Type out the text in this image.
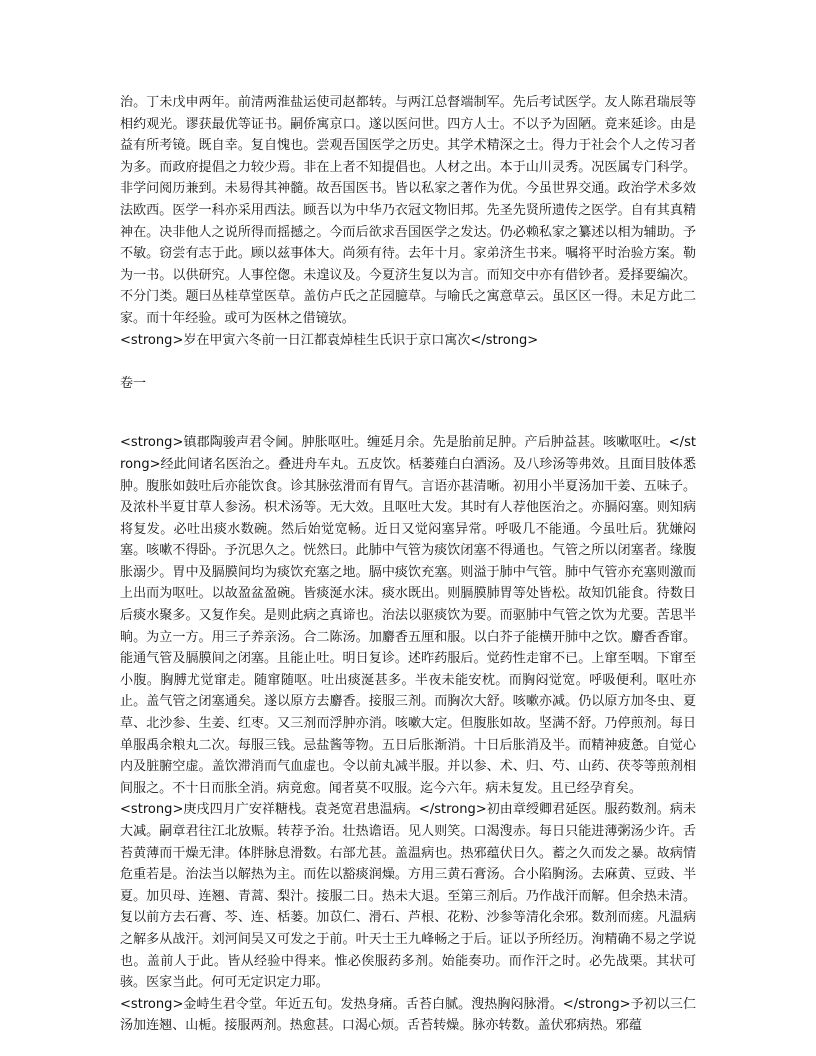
治。丁未戊申两年。前清两淮盐运使司赵都转。与两江总督端制军。先后考试医学。友人陈君瑞辰等相约观光。谬获最优等证书。嗣侨寓京口。遂以医问世。四方人士。不以予为固陋。竟来延诊。由是益有所考镜。既自幸。复自愧也。尝观吾国医学之历史。其学术精深之士。得力于社会个人之传习者为多。而政府提倡之力较少焉。非在上者不知提倡也。人材之出。本于山川灵秀。况医属专门科学。非学问阅历兼到。未易得其神髓。故吾国医书。皆以私家之著作为优。今虽世界交通。政治学术多效法欧西。医学一科亦采用西法。顾吾以为中华乃衣冠文物旧邦。先圣先贤所遗传之医学。自有其真精神在。决非他人之说所得而摇撼之。今而后欲求吾国医学之发达。仍必赖私家之纂述以相为辅助。予不敏。窃尝有志于此。顾以兹事体大。尚须有待。去年十月。家弟济生书来。嘱将平时治验方案。勒为一书。以供研究。人事倥偬。未遑议及。今夏济生复以为言。而知交中亦有借钞者。爰择要编次。不分门类。题曰丛桂草堂医草。盖仿卢氏之芷园臆草。与喻氏之寓意草云。虽区区一得。未足方此二家。而十年经验。或可为医林之借镜欤。

<strong>岁在甲寅六冬前一日江都袁焯桂生氏识于京口寓次</strong>

卷一

<strong>镇郡陶骏声君令阃。肿胀呕吐。缠延月余。先是胎前足肿。产后肿益甚。咳嗽呕吐。</strong>经此间诸名医治之。叠进舟车丸。五皮饮。栝蒌薤白白酒汤。及八珍汤等弗效。且面目肢体悉肿。腹胀如鼓吐后亦能饮食。诊其脉弦滑而有胃气。言语亦甚清晰。初用小半夏汤加干姜、五味子。及浓朴半夏甘草人参汤。枳术汤等。无大效。且呕吐大发。其时有人荐他医治之。亦膈闷塞。则知病将复发。必吐出痰水数碗。然后始觉宽畅。近日又觉闷塞异常。呼吸几不能通。今虽吐后。犹嫌闷塞。咳嗽不得卧。予沉思久之。恍然曰。此肺中气管为痰饮闭塞不得通也。气管之所以闭塞者。缘腹胀溺少。胃中及膈膜间均为痰饮充塞之地。膈中痰饮充塞。则溢于肺中气管。肺中气管亦充塞则激而上出而为呕吐。以故盈盆盈碗。皆痰涎水沫。痰水既出。则膈膜肺胃等处皆松。故知饥能食。待数日后痰水聚多。又复作矣。是则此病之真谛也。治法以驱痰饮为要。而驱肺中气管之饮为尤要。苦思半晌。为立一方。用三子养亲汤。合二陈汤。加麝香五厘和服。以白芥子能横开肺中之饮。麝香香窜。能通气管及膈膜间之闭塞。且能止吐。明日复诊。述昨药服后。觉药性走窜不已。上窜至咽。下窜至小腹。胸膊尤觉窜走。随窜随呕。吐出痰涎甚多。半夜未能安枕。而胸闷觉宽。呼吸便利。呕吐亦止。盖气管之闭塞通矣。遂以原方去麝香。接服三剂。而胸次大舒。咳嗽亦减。仍以原方加冬虫、夏草、北沙参、生姜、红枣。又三剂而浮肿亦消。咳嗽大定。但腹胀如故。坚满不舒。乃停煎剂。每日单服禹余粮丸二次。每服三钱。忌盐酱等物。五日后胀渐消。十日后胀消及半。而精神疲惫。自觉心内及脏腑空虚。盖饮滞消而气血虚也。令以前丸减半服。并以参、术、归、芍、山药、茯苓等煎剂相间服之。不十日而胀全消。病竟愈。闻者莫不叹服。迄今六年。病未复发。且已经孕育矣。

<strong>庚戌四月广安祥糖栈。袁尧宽君患温病。</strong>初由章绶卿君延医。服药数剂。病未大减。嗣章君往江北放赈。转荐予治。壮热谵语。见人则笑。口渴溲赤。每日只能进薄粥汤少许。舌苔黄薄而干燥无津。体胖脉息滑数。右部尤甚。盖温病也。热邪蕴伏日久。蓄之久而发之暴。故病情危重若是。治法当以解热为主。而佐以豁痰润燥。方用三黄石膏汤。合小陷胸汤。去麻黄、豆豉、半夏。加贝母、连翘、青蒿、梨汁。接服二日。热未大退。至第三剂后。乃作战汗而解。但余热未清。复以前方去石膏、芩、连、栝蒌。加苡仁、滑石、芦根、花粉、沙参等清化余邪。数剂而瘥。凡温病之解多从战汗。刘河间吴又可发之于前。叶天士王九峰畅之于后。证以予所经历。洵精确不易之学说也。盖前人于此。皆从经验中得来。惟必俟服药多剂。始能奏功。而作汗之时。必先战栗。其状可骇。医家当此。何可无定识定力耶。

<strong>金峙生君令堂。年近五旬。发热身痛。舌苔白腻。溲热胸闷脉滑。</strong>予初以三仁汤加连翘、山栀。接服两剂。热愈甚。口渴心烦。舌苔转燥。脉亦转数。盖伏邪病热。邪蕴
